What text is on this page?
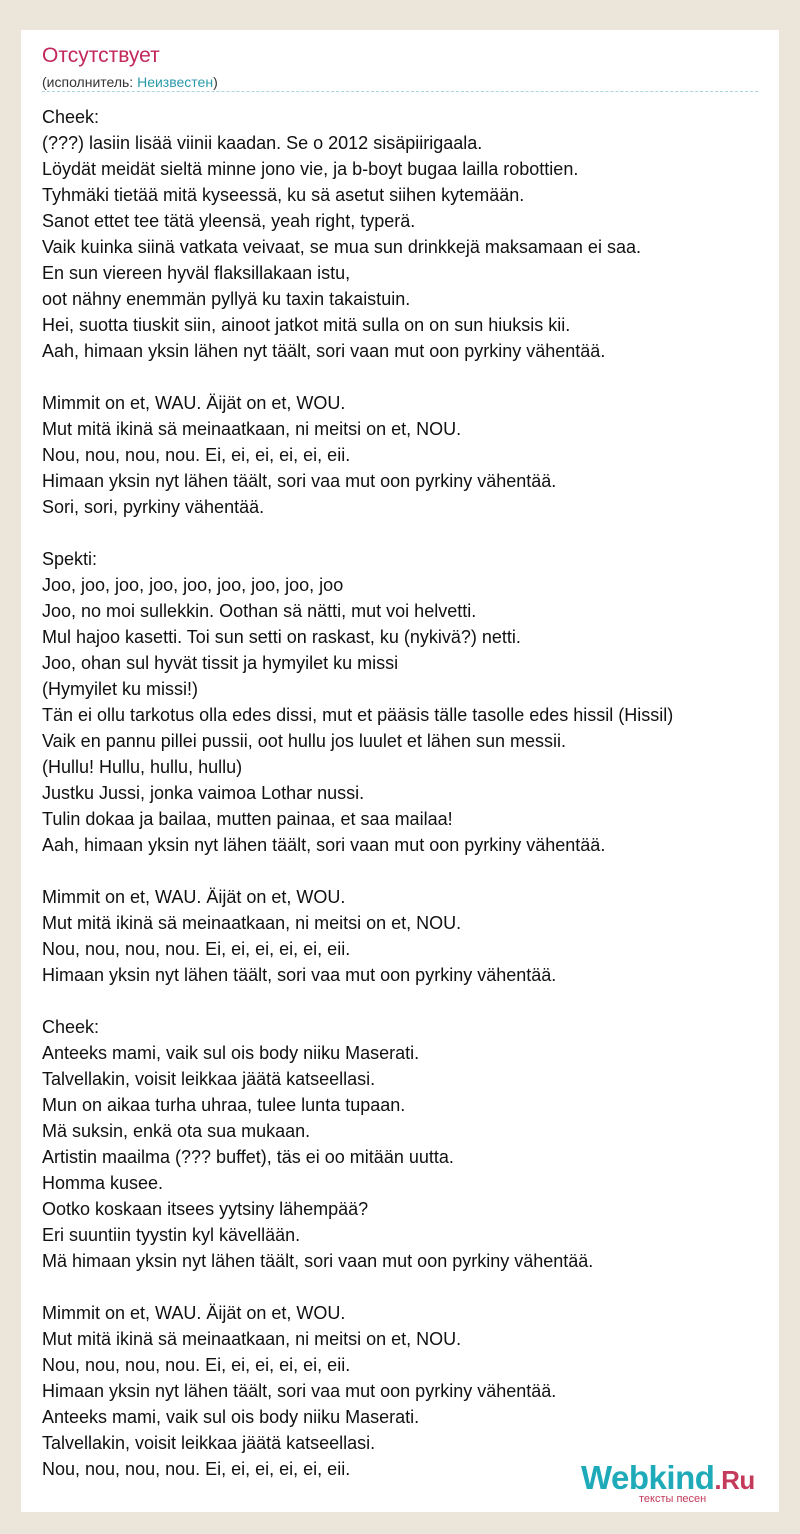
Отсутствует
(исполнитель: Неизвестен)
Cheek:
(???) lasiin lisää viinii kaadan. Se o 2012 sisäpiirigaala.
Löydät meidät sieltä minne jono vie, ja b-boyt bugaa lailla robottien.
Tyhmäki tietää mitä kyseessä, ku sä asetut siihen kytemään.
Sanot ettet tee tätä yleensä, yeah right, typerä.
Vaik kuinka siinä vatkata veivaat, se mua sun drinkkejä maksamaan ei saa.
En sun viereen hyväl flaksillakaan istu,
oot nähny enemmän pyllyä ku taxin takaistuin.
Hei, suotta tiuskit siin, ainoot jatkot mitä sulla on on sun hiuksis kii.
Aah, himaan yksin lähen nyt täält, sori vaan mut oon pyrkiny vähentää.
Mimmit on et, WAU. Äijät on et, WOU.
Mut mitä ikinä sä meinaatkaan, ni meitsi on et, NOU.
Nou, nou, nou, nou. Ei, ei, ei, ei, ei, eii.
Himaan yksin nyt lähen täält, sori vaa mut oon pyrkiny vähentää.
Sori, sori, pyrkiny vähentää.
Spekti:
Joo, joo, joo, joo, joo, joo, joo, joo, joo
Joo, no moi sullekkin. Oothan sä nätti, mut voi helvetti.
Mul hajoo kasetti. Toi sun setti on raskast, ku (nykivä?) netti.
Joo, ohan sul hyvät tissit ja hymyilet ku missi
(Hymyilet ku missi!)
Tän ei ollu tarkotus olla edes dissi, mut et pääsis tälle tasolle edes hissil (Hissil)
Vaik en pannu pillei pussii, oot hullu jos luulet et lähen sun messii.
(Hullu! Hullu, hullu, hullu)
Justku Jussi, jonka vaimoa Lothar nussi.
Tulin dokaa ja bailaa, mutten painaa, et saa mailaa!
Aah, himaan yksin nyt lähen täält, sori vaan mut oon pyrkiny vähentää.
Mimmit on et, WAU. Äijät on et, WOU.
Mut mitä ikinä sä meinaatkaan, ni meitsi on et, NOU.
Nou, nou, nou, nou. Ei, ei, ei, ei, ei, eii.
Himaan yksin nyt lähen täält, sori vaa mut oon pyrkiny vähentää.
Cheek:
Anteeks mami, vaik sul ois body niiku Maserati.
Talvellakin, voisit leikkaa jäätä katseellasi.
Mun on aikaa turha uhraa, tulee lunta tupaan.
Mä suksin, enkä ota sua mukaan.
Artistin maailma (??? buffet), täs ei oo mitään uutta.
Homma kusee.
Ootko koskaan itsees yytsiny lähempää?
Eri suuntiin tyystin kyl kävellään.
Mä himaan yksin nyt lähen täält, sori vaan mut oon pyrkiny vähentää.
Mimmit on et, WAU. Äijät on et, WOU.
Mut mitä ikinä sä meinaatkaan, ni meitsi on et, NOU.
Nou, nou, nou, nou. Ei, ei, ei, ei, ei, eii.
Himaan yksin nyt lähen täält, sori vaa mut oon pyrkiny vähentää.
Anteeks mami, vaik sul ois body niiku Maserati.
Talvellakin, voisit leikkaa jäätä katseellasi.
Nou, nou, nou, nou. Ei, ei, ei, ei, ei, eii.	Webkind.Ru
тексты песен
